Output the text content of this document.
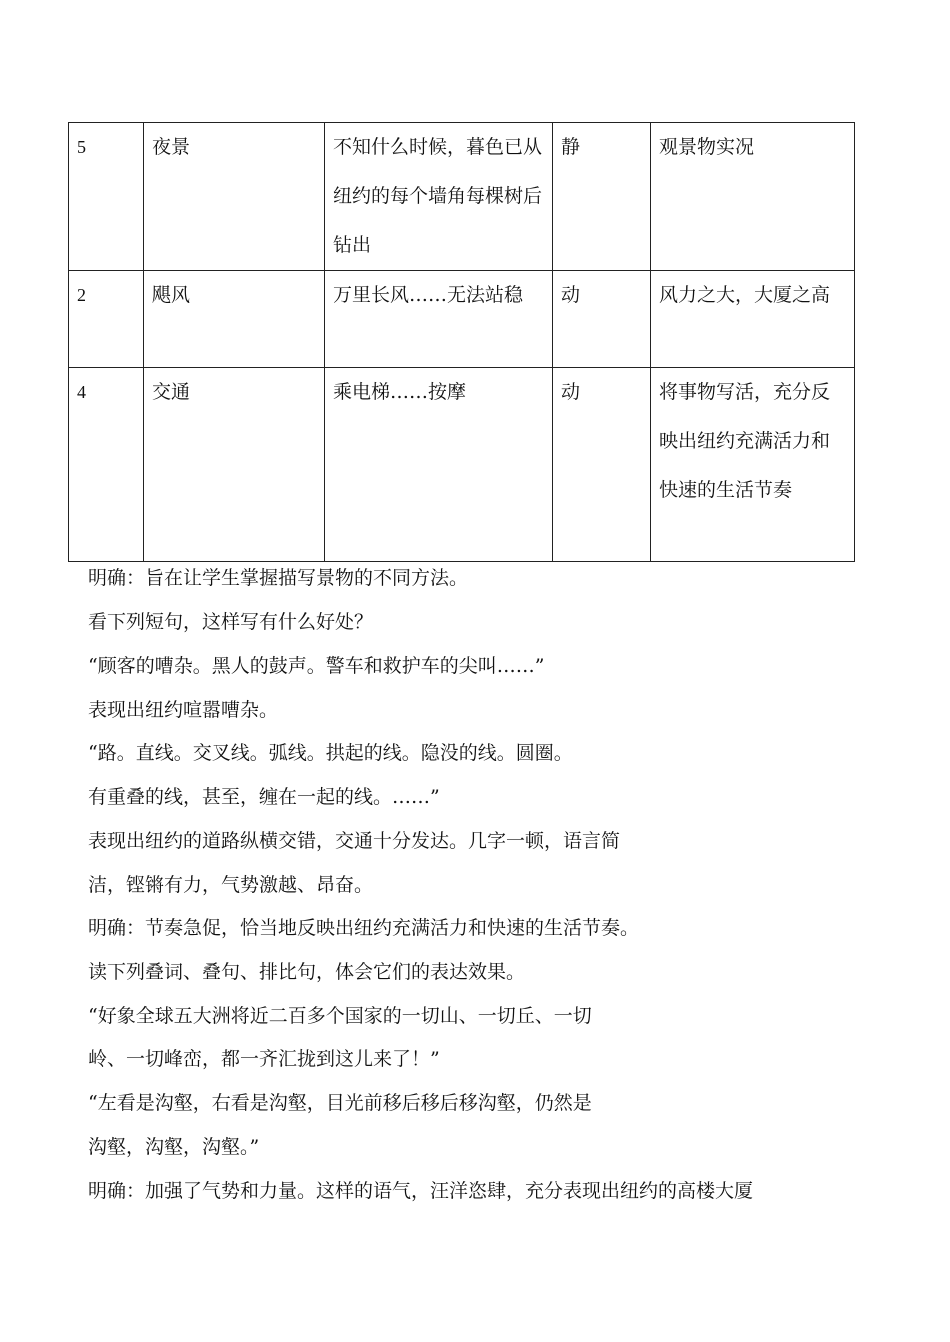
5	夜景	不知什么时候，暮色已从纽约的每个墙角每棵树后钻出	静	观景物实况
2	飓风	万里长风……无法站稳	动	风力之大，大厦之高
4	交通	乘电梯……按摩	动	将事物写活，充分反映出纽约充满活力和快速的生活节奏

明确：旨在让学生掌握描写景物的不同方法。

看下列短句，这样写有什么好处？

“顾客的嘈杂。黑人的鼓声。警车和救护车的尖叫……”

表现出纽约喧嚣嘈杂。

“路。直线。交叉线。弧线。拱起的线。隐没的线。圆圈。

有重叠的线，甚至，缠在一起的线。……”

表现出纽约的道路纵横交错，交通十分发达。几字一顿，语言简

洁，铿锵有力，气势激越、昂奋。

明确：节奏急促，恰当地反映出纽约充满活力和快速的生活节奏。

读下列叠词、叠句、排比句，体会它们的表达效果。

“好象全球五大洲将近二百多个国家的一切山、一切丘、一切

岭、一切峰峦，都一齐汇拢到这儿来了！”

“左看是沟壑，右看是沟壑，目光前移后移后移沟壑，仍然是

沟壑，沟壑，沟壑。”

明确：加强了气势和力量。这样的语气，汪洋恣肆，充分表现出纽约的高楼大厦
